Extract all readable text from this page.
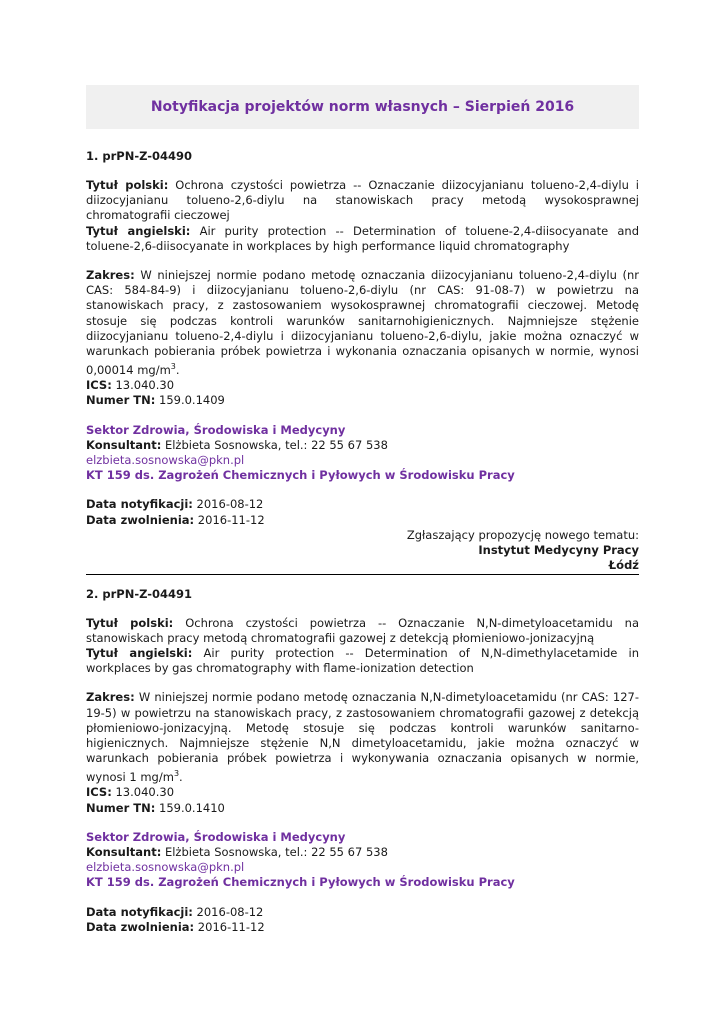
Notyfikacja projektów norm własnych – Sierpień 2016
1. prPN-Z-04490

Tytuł polski: Ochrona czystości powietrza -- Oznaczanie diizocyjanianu tolueno-2,4-diylu i diizocyjanianu tolueno-2,6-diylu na stanowiskach pracy metodą wysokosprawnej chromatografii cieczowej

Tytuł angielski: Air purity protection -- Determination of toluene-2,4-diisocyanate and toluene-2,6-diisocyanate in workplaces by high performance liquid chromatography

Zakres: W niniejszej normie podano metodę oznaczania diizocyjanianu tolueno-2,4-diylu (nr CAS: 584-84-9) i diizocyjanianu tolueno-2,6-diylu (nr CAS: 91-08-7) w powietrzu na stanowiskach pracy, z zastosowaniem wysokosprawnej chromatografii cieczowej. Metodę stosuje się podczas kontroli warunków sanitarnohigienicznych. Najmniejsze stężenie diizocyjanianu tolueno-2,4-diylu i diizocyjanianu tolueno-2,6-diylu, jakie można oznaczyć w warunkach pobierania próbek powietrza i wykonania oznaczania opisanych w normie, wynosi 0,00014 $mg/m^3$.

ICS: 13.040.30
Numer TN: 159.0.1409
Sektor Zdrowia, Środowiska i Medycyny
Konsultant: Elżbieta Sosnowska, tel.: 22 55 67 538
elzbieta.sosnowska@pkn.pl
KT 159 ds. Zagrożeń Chemicznych i Pyłowych w Środowisku Pracy
Data notyfikacji: 2016-08-12
Data zwolnienia: 2016-11-12
Zgłaszający propozycję nowego tematu:
Instytut Medycyny Pracy
Łódź
2. prPN-Z-04491

Tytuł polski: Ochrona czystości powietrza -- Oznaczanie N,N-dimetyloacetamidu na stanowiskach pracy metodą chromatografii gazowej z detekcją płomieniowo-jonizacyjną

Tytuł angielski: Air purity protection -- Determination of N,N-dimethylacetamide in workplaces by gas chromatography with flame-ionization detection

Zakres: W niniejszej normie podano metodę oznaczania N,N-dimetyloacetamidu (nr CAS: 127-19-5) w powietrzu na stanowiskach pracy, z zastosowaniem chromatografii gazowej z detekcją płomieniowo-jonizacyjną. Metodę stosuje się podczas kontroli warunków sanitarno-higienicznych. Najmniejsze stężenie N,N dimetyloacetamidu, jakie można oznaczyć w warunkach pobierania próbek powietrza i wykonywania oznaczania opisanych w normie, wynosi 1 $mg/m^3$.

ICS: 13.040.30
Numer TN: 159.0.1410
Sektor Zdrowia, Środowiska i Medycyny
Konsultant: Elżbieta Sosnowska, tel.: 22 55 67 538
elzbieta.sosnowska@pkn.pl
KT 159 ds. Zagrożeń Chemicznych i Pyłowych w Środowisku Pracy
Data notyfikacji: 2016-08-12
Data zwolnienia: 2016-11-12
